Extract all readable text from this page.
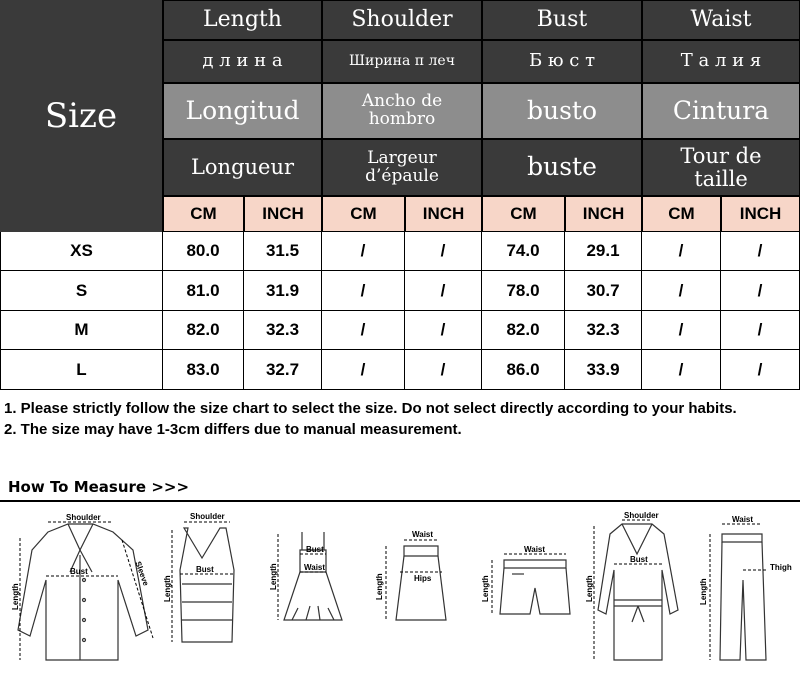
Size
Length	Shoulder	Bust	Waist
д л и н а	Ширина п леч	Б ю с т	Т а л и я
Longitud	Ancho de hombro	busto	Cintura
Longueur	Largeur d’épaule	buste	Tour de taille
CM	INCH	CM	INCH	CM	INCH	CM	INCH
XS	80.0	31.5	/	/	74.0	29.1	/	/
S	81.0	31.9	/	/	78.0	30.7	/	/
M	82.0	32.3	/	/	82.0	32.3	/	/
L	83.0	32.7	/	/	86.0	33.9	/	/
1. Please strictly follow the size chart to select the size. Do not select directly according to your habits.
2. The size may have 1-3cm differs due to manual measurement.
How To Measure >>>
Shoulder
Bust
Length
Sleeve
Shoulder
Bust
Length
Bust
Waist
Length
Waist
Hips
Length
Waist
Length
Shoulder
Bust
Length
Waist
Thigh
Length
